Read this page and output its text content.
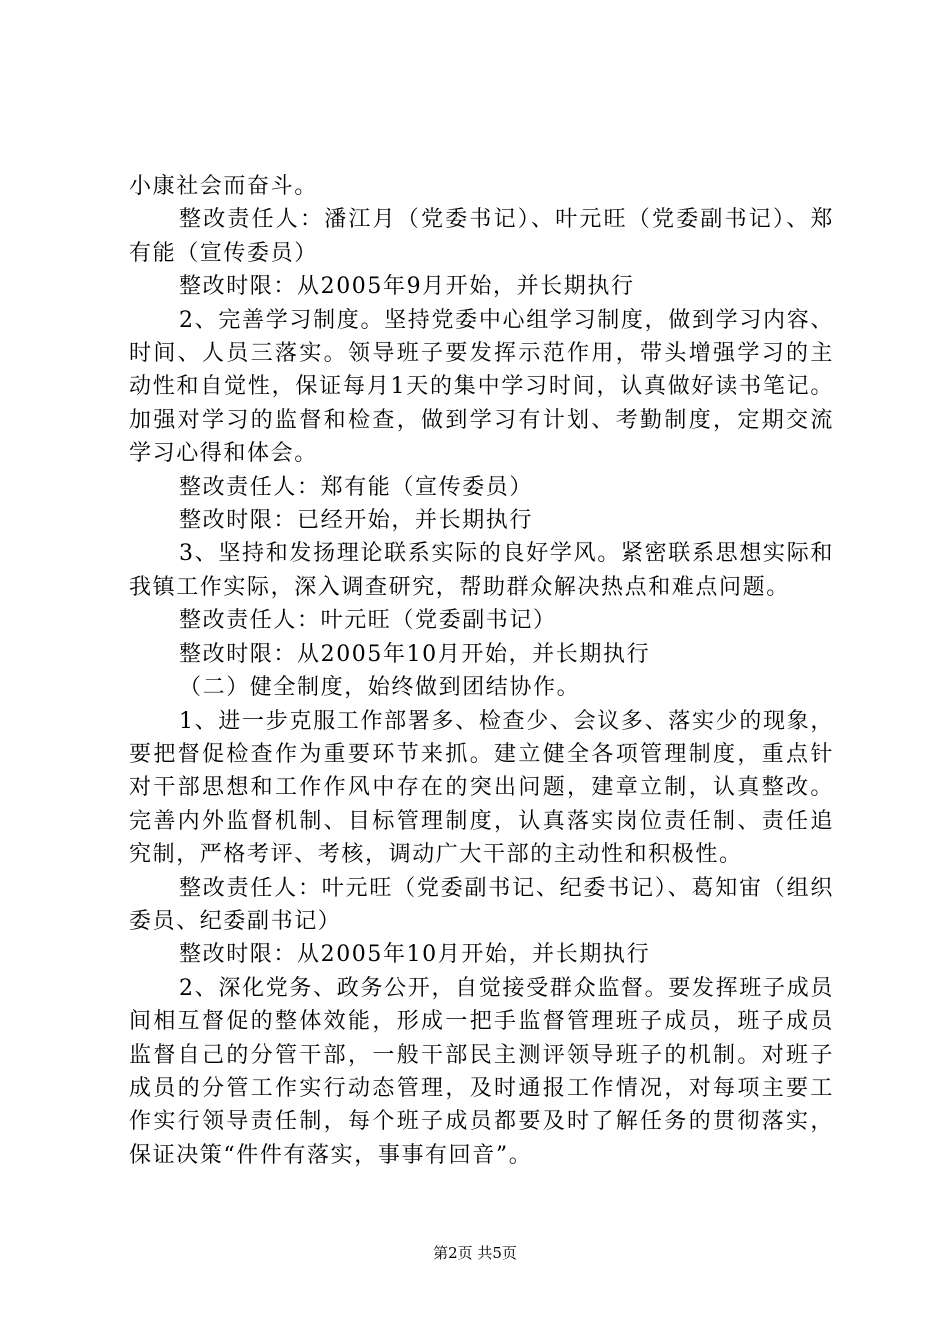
小康社会而奋斗。

整改责任人：潘江月（党委书记）、叶元旺（党委副书记）、郑有能（宣传委员）

整改时限：从2005年9月开始，并长期执行

2、完善学习制度。坚持党委中心组学习制度，做到学习内容、时间、人员三落实。领导班子要发挥示范作用，带头增强学习的主动性和自觉性，保证每月1天的集中学习时间，认真做好读书笔记。加强对学习的监督和检查，做到学习有计划、考勤制度，定期交流学习心得和体会。

整改责任人：郑有能（宣传委员）

整改时限：已经开始，并长期执行

3、坚持和发扬理论联系实际的良好学风。紧密联系思想实际和我镇工作实际，深入调查研究，帮助群众解决热点和难点问题。

整改责任人：叶元旺（党委副书记）

整改时限：从2005年10月开始，并长期执行

（二）健全制度，始终做到团结协作。

1、进一步克服工作部署多、检查少、会议多、落实少的现象，要把督促检查作为重要环节来抓。建立健全各项管理制度，重点针对干部思想和工作作风中存在的突出问题，建章立制，认真整改。完善内外监督机制、目标管理制度，认真落实岗位责任制、责任追究制，严格考评、考核，调动广大干部的主动性和积极性。

整改责任人：叶元旺（党委副书记、纪委书记）、葛知宙（组织委员、纪委副书记）

整改时限：从2005年10月开始，并长期执行

2、深化党务、政务公开，自觉接受群众监督。要发挥班子成员间相互督促的整体效能，形成一把手监督管理班子成员，班子成员监督自己的分管干部，一般干部民主测评领导班子的机制。对班子成员的分管工作实行动态管理，及时通报工作情况，对每项主要工作实行领导责任制，每个班子成员都要及时了解任务的贯彻落实，保证决策“件件有落实，事事有回音”。

第2页 共5页
